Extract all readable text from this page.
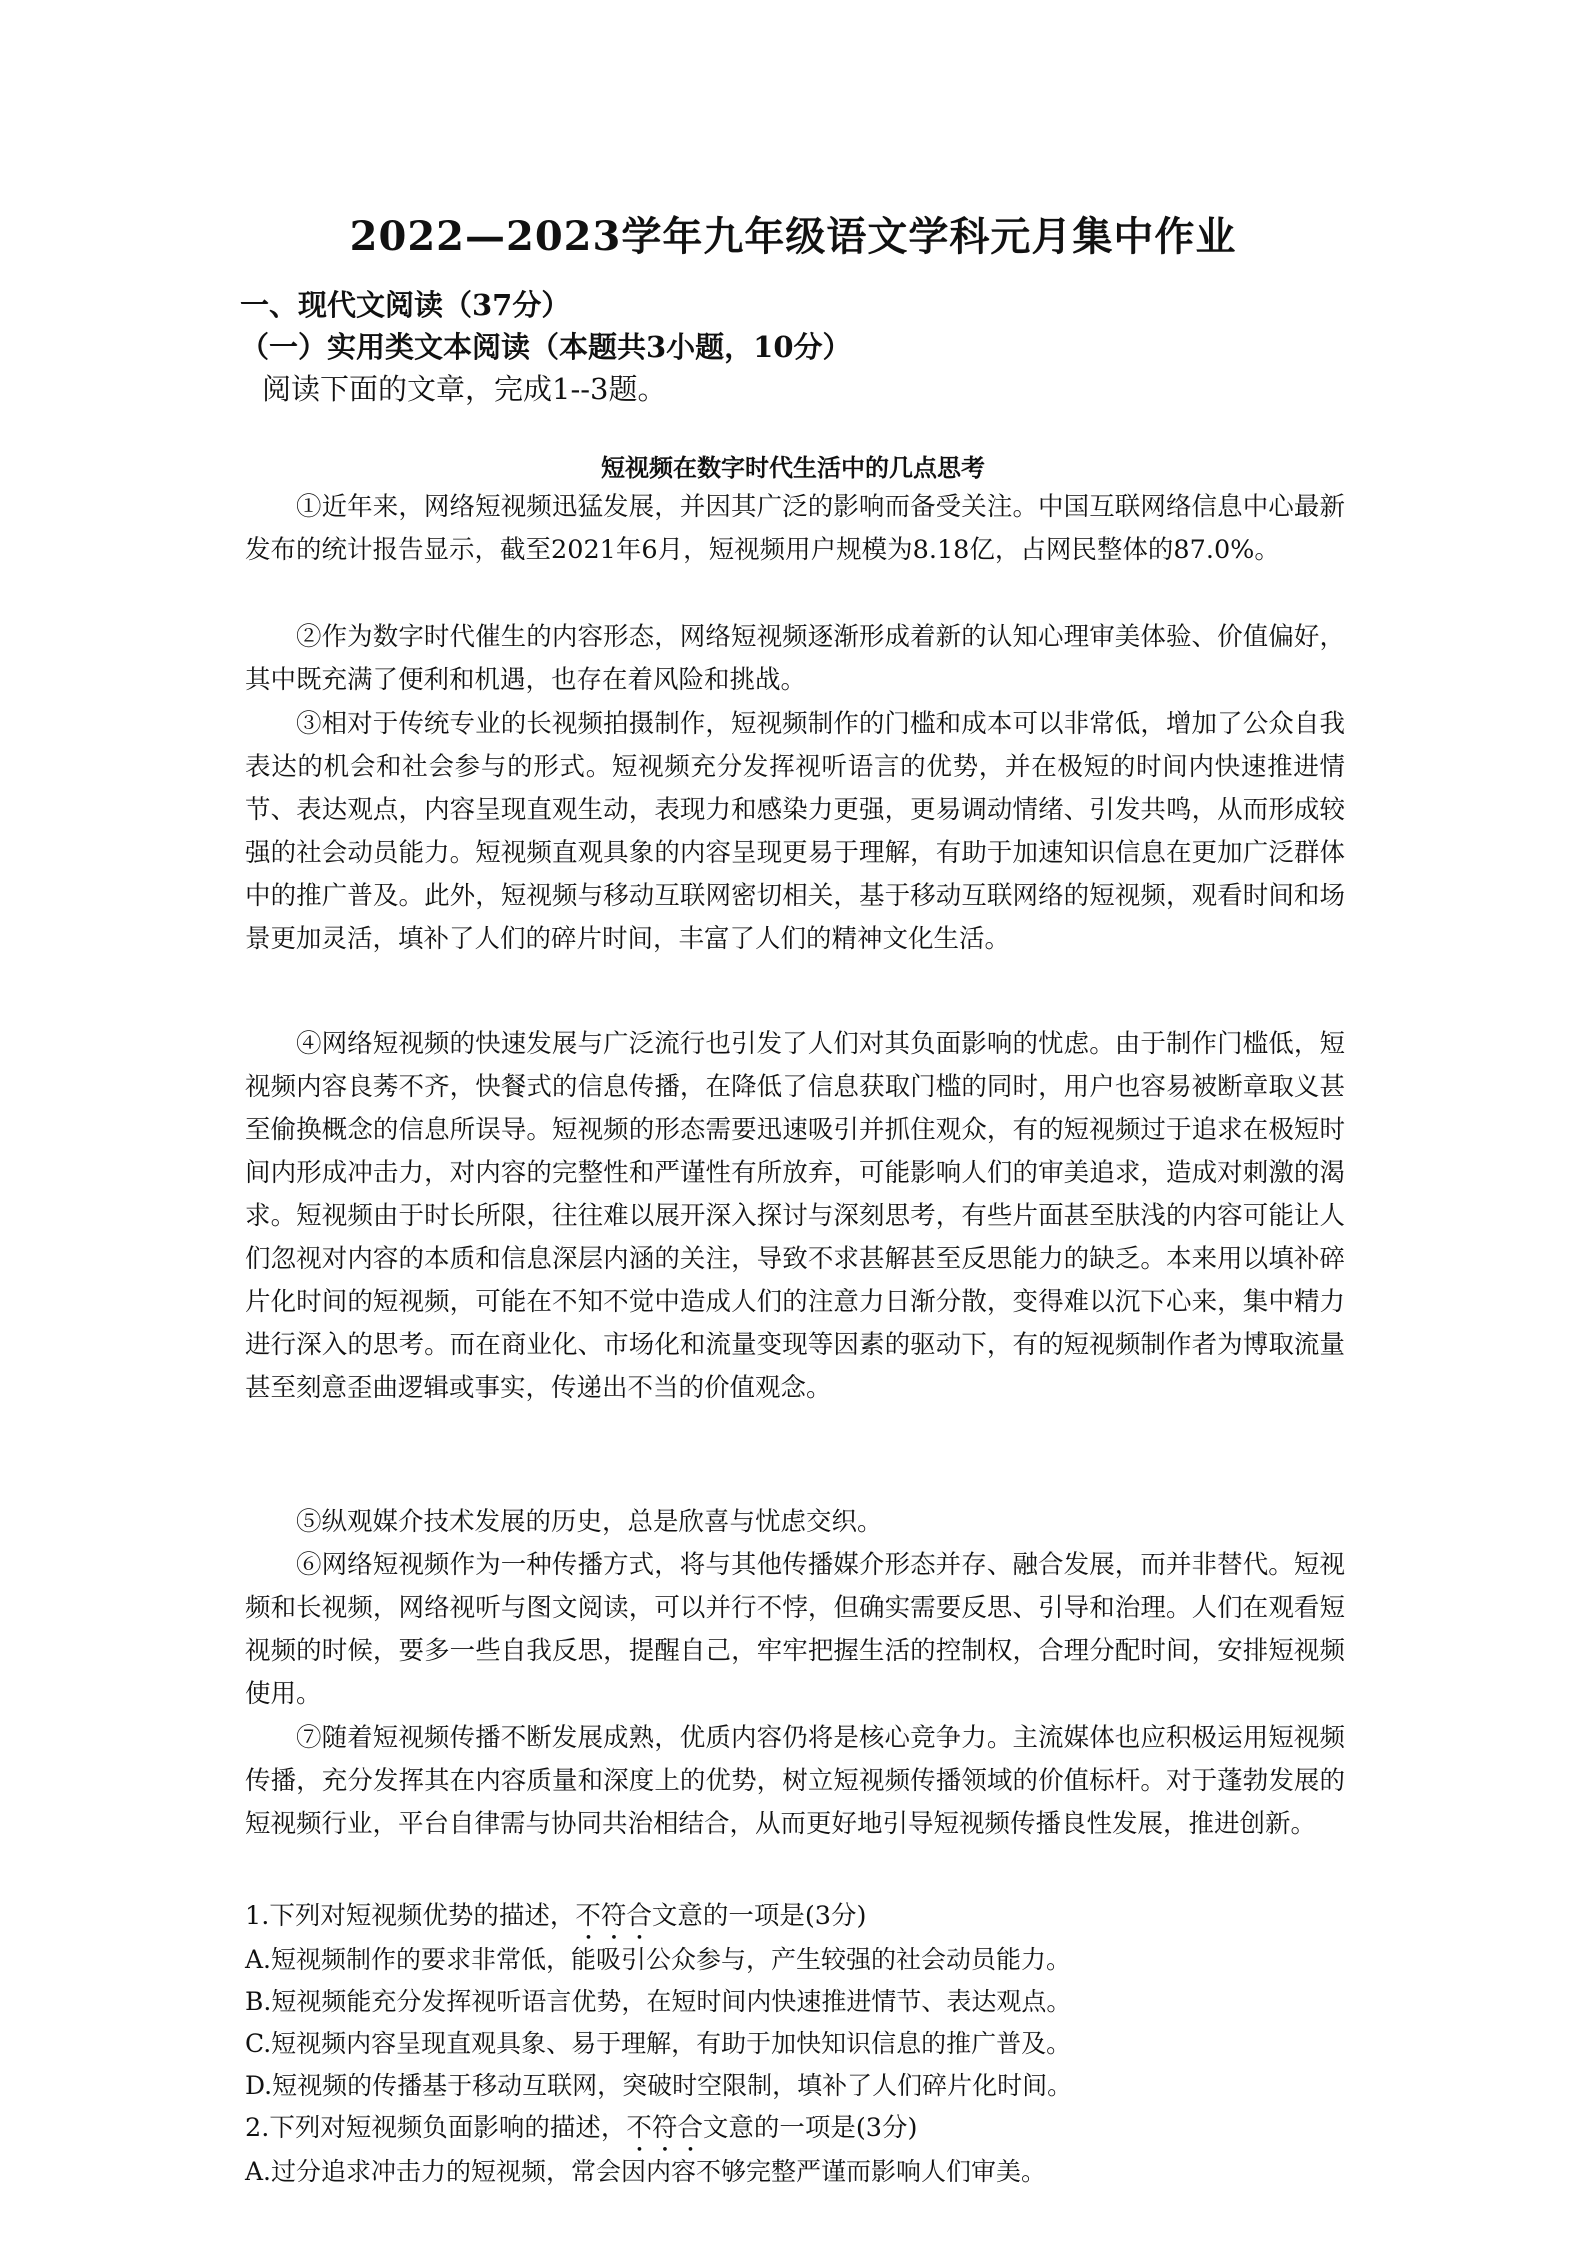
2022—2023学年九年级语文学科元月集中作业
一、现代文阅读（37分）
（一）实用类文本阅读（本题共3小题，10分）
阅读下面的文章，完成1--3题。
短视频在数字时代生活中的几点思考

①近年来，网络短视频迅猛发展，并因其广泛的影响而备受关注。中国互联网络信息中心最新发布的统计报告显示，截至2021年6月，短视频用户规模为8.18亿，占网民整体的87.0%。

②作为数字时代催生的内容形态，网络短视频逐渐形成着新的认知心理审美体验、价值偏好，其中既充满了便利和机遇，也存在着风险和挑战。

③相对于传统专业的长视频拍摄制作，短视频制作的门槛和成本可以非常低，增加了公众自我表达的机会和社会参与的形式。短视频充分发挥视听语言的优势，并在极短的时间内快速推进情节、表达观点，内容呈现直观生动，表现力和感染力更强，更易调动情绪、引发共鸣，从而形成较强的社会动员能力。短视频直观具象的内容呈现更易于理解，有助于加速知识信息在更加广泛群体中的推广普及。此外，短视频与移动互联网密切相关，基于移动互联网络的短视频，观看时间和场景更加灵活，填补了人们的碎片时间，丰富了人们的精神文化生活。

④网络短视频的快速发展与广泛流行也引发了人们对其负面影响的忧虑。由于制作门槛低，短视频内容良莠不齐，快餐式的信息传播，在降低了信息获取门槛的同时，用户也容易被断章取义甚至偷换概念的信息所误导。短视频的形态需要迅速吸引并抓住观众，有的短视频过于追求在极短时间内形成冲击力，对内容的完整性和严谨性有所放弃，可能影响人们的审美追求，造成对刺激的渴求。短视频由于时长所限，往往难以展开深入探讨与深刻思考，有些片面甚至肤浅的内容可能让人们忽视对内容的本质和信息深层内涵的关注，导致不求甚解甚至反思能力的缺乏。本来用以填补碎片化时间的短视频，可能在不知不觉中造成人们的注意力日渐分散，变得难以沉下心来，集中精力进行深入的思考。而在商业化、市场化和流量变现等因素的驱动下，有的短视频制作者为博取流量甚至刻意歪曲逻辑或事实，传递出不当的价值观念。

⑤纵观媒介技术发展的历史，总是欣喜与忧虑交织。

⑥网络短视频作为一种传播方式，将与其他传播媒介形态并存、融合发展，而并非替代。短视频和长视频，网络视听与图文阅读，可以并行不悖，但确实需要反思、引导和治理。人们在观看短视频的时候，要多一些自我反思，提醒自己，牢牢把握生活的控制权，合理分配时间，安排短视频使用。

⑦随着短视频传播不断发展成熟，优质内容仍将是核心竞争力。主流媒体也应积极运用短视频传播，充分发挥其在内容质量和深度上的优势，树立短视频传播领域的价值标杆。对于蓬勃发展的短视频行业，平台自律需与协同共治相结合，从而更好地引导短视频传播良性发展，推进创新。

1.下列对短视频优势的描述，不符合文意的一项是(3分)
A.短视频制作的要求非常低，能吸引公众参与，产生较强的社会动员能力。
B.短视频能充分发挥视听语言优势，在短时间内快速推进情节、表达观点。
C.短视频内容呈现直观具象、易于理解，有助于加快知识信息的推广普及。
D.短视频的传播基于移动互联网，突破时空限制，填补了人们碎片化时间。
2.下列对短视频负面影响的描述，不符合文意的一项是(3分)
A.过分追求冲击力的短视频，常会因内容不够完整严谨而影响人们审美。
